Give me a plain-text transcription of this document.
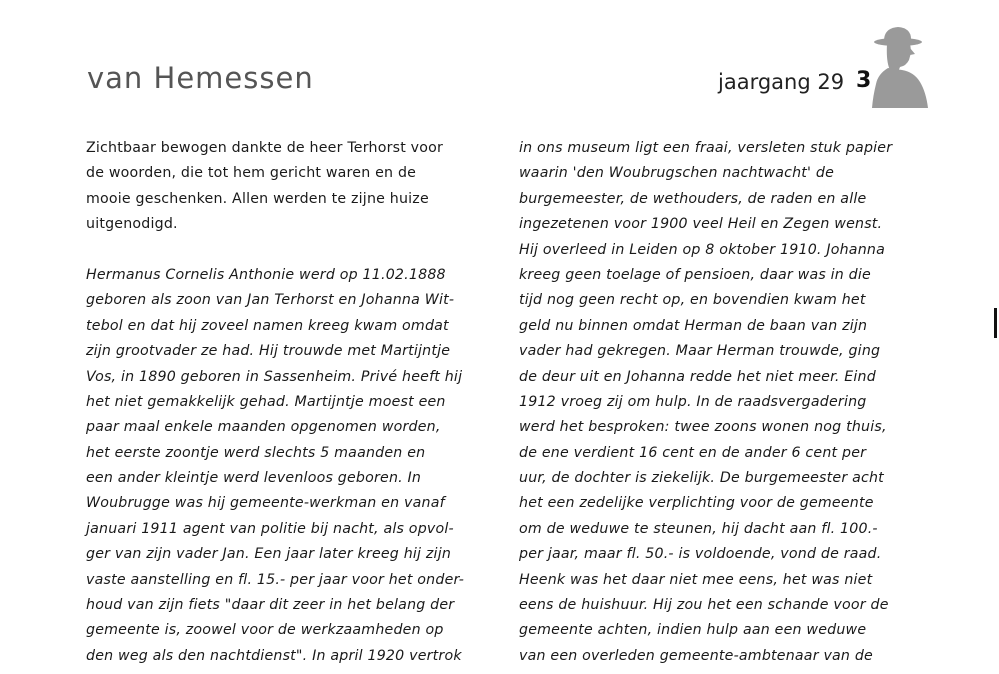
van Hemessen	jaargang 29 3
Zichtbaar bewogen dankte de heer Terhorst voor
de woorden, die tot hem gericht waren en de
mooie geschenken. Allen werden te zijne huize
uitgenodigd.
Hermanus Cornelis Anthonie werd op 11.02.1888
geboren als zoon van Jan Terhorst en Johanna Wit-
tebol en dat hij zoveel namen kreeg kwam omdat
zijn grootvader ze had. Hij trouwde met Martijntje
Vos, in 1890 geboren in Sassenheim. Privé heeft hij
het niet gemakkelijk gehad. Martijntje moest een
paar maal enkele maanden opgenomen worden,
het eerste zoontje werd slechts 5 maanden en
een ander kleintje werd levenloos geboren. In
Woubrugge was hij gemeente-werkman en vanaf
januari 1911 agent van politie bij nacht, als opvol-
ger van zijn vader Jan. Een jaar later kreeg hij zijn
vaste aanstelling en fl. 15.- per jaar voor het onder-
houd van zijn fiets "daar dit zeer in het belang der
gemeente is, zoowel voor de werkzaamheden op
den weg als den nachtdienst". In april 1920 vertrok
in ons museum ligt een fraai, versleten stuk papier
waarin 'den Woubrugschen nachtwacht' de
burgemeester, de wethouders, de raden en alle
ingezetenen voor 1900 veel Heil en Zegen wenst.
Hij overleed in Leiden op 8 oktober 1910. Johanna
kreeg geen toelage of pensioen, daar was in die
tijd nog geen recht op, en bovendien kwam het
geld nu binnen omdat Herman de baan van zijn
vader had gekregen. Maar Herman trouwde, ging
de deur uit en Johanna redde het niet meer. Eind
1912 vroeg zij om hulp. In de raadsvergadering
werd het besproken: twee zoons wonen nog thuis,
de ene verdient 16 cent en de ander 6 cent per
uur, de dochter is ziekelijk. De burgemeester acht
het een zedelijke verplichting voor de gemeente
om de weduwe te steunen, hij dacht aan fl. 100.-
per jaar, maar fl. 50.- is voldoende, vond de raad.
Heenk was het daar niet mee eens, het was niet
eens de huishuur. Hij zou het een schande voor de
gemeente achten, indien hulp aan een weduwe
van een overleden gemeente-ambtenaar van de
